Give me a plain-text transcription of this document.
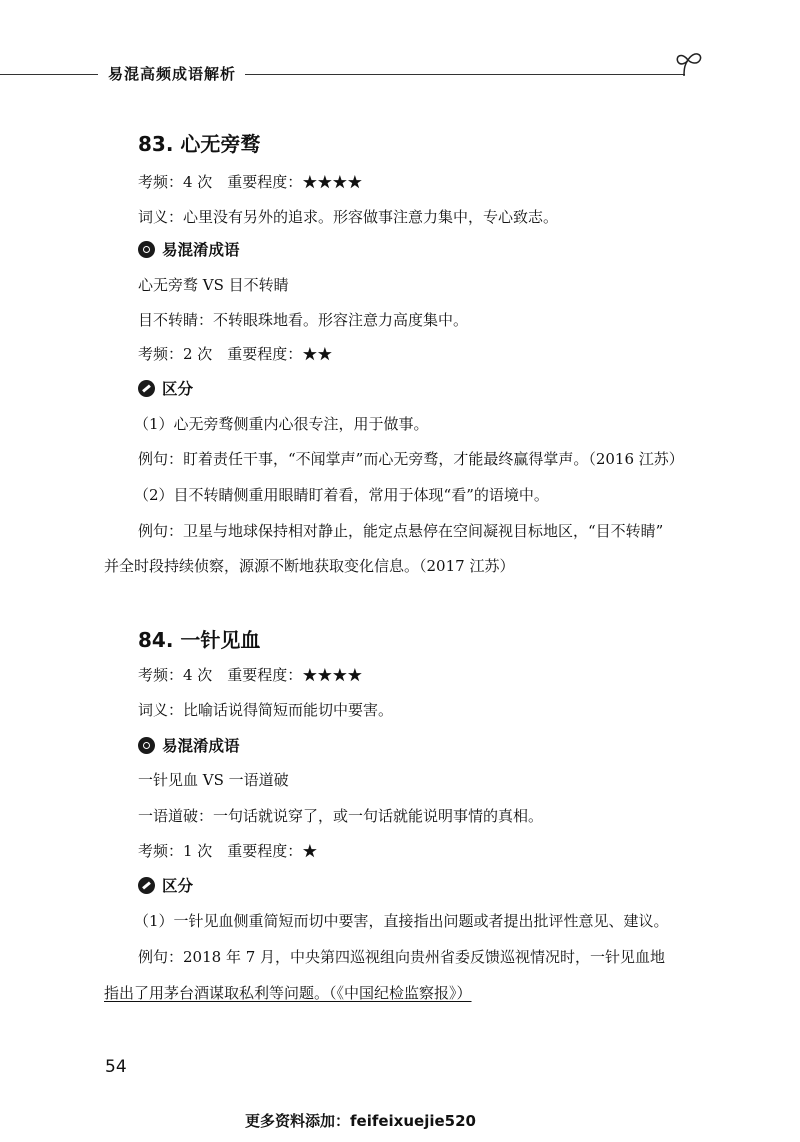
易混高频成语解析
83. 心无旁骛
考频：4 次　重要程度：★★★★
词义：心里没有另外的追求。形容做事注意力集中，专心致志。
易混淆成语
心无旁骛 VS 目不转睛
目不转睛：不转眼珠地看。形容注意力高度集中。
考频：2 次　重要程度：★★
区分
（1）心无旁骛侧重内心很专注，用于做事。
例句：盯着责任干事，“不闻掌声”而心无旁骛，才能最终赢得掌声。（2016 江苏）
（2）目不转睛侧重用眼睛盯着看，常用于体现“看”的语境中。
例句：卫星与地球保持相对静止，能定点悬停在空间凝视目标地区，“目不转睛”
并全时段持续侦察，源源不断地获取变化信息。（2017 江苏）
84. 一针见血
考频：4 次　重要程度：★★★★
词义：比喻话说得简短而能切中要害。
易混淆成语
一针见血 VS 一语道破
一语道破：一句话就说穿了，或一句话就能说明事情的真相。
考频：1 次　重要程度：★
区分
（1）一针见血侧重简短而切中要害，直接指出问题或者提出批评性意见、建议。
例句：2018 年 7 月，中央第四巡视组向贵州省委反馈巡视情况时，一针见血地
指出了用茅台酒谋取私利等问题。（《中国纪检监察报》）
54
更多资料添加：feifeixuejie520
